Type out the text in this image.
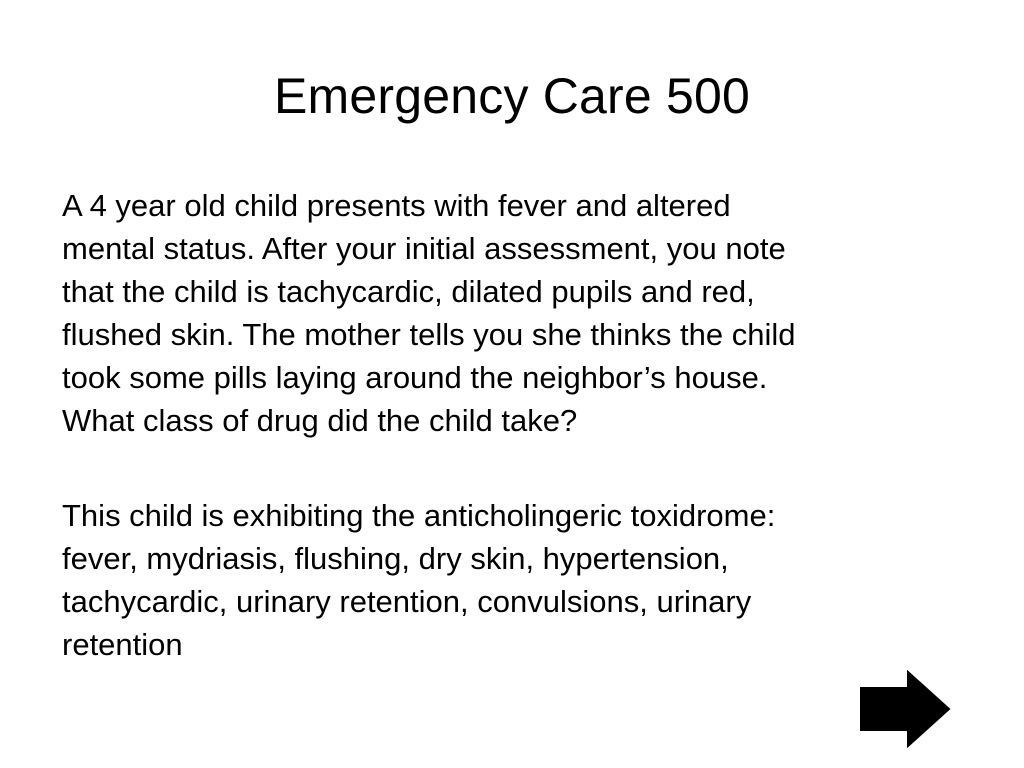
Emergency Care 500

A 4 year old child presents with fever and altered
mental status. After your initial assessment, you note
that the child is tachycardic, dilated pupils and red,
flushed skin. The mother tells you she thinks the child
took some pills laying around the neighbor’s house.
What class of drug did the child take?

This child is exhibiting the anticholingeric toxidrome:
fever, mydriasis, flushing, dry skin, hypertension,
tachycardic, urinary retention, convulsions, urinary
retention
